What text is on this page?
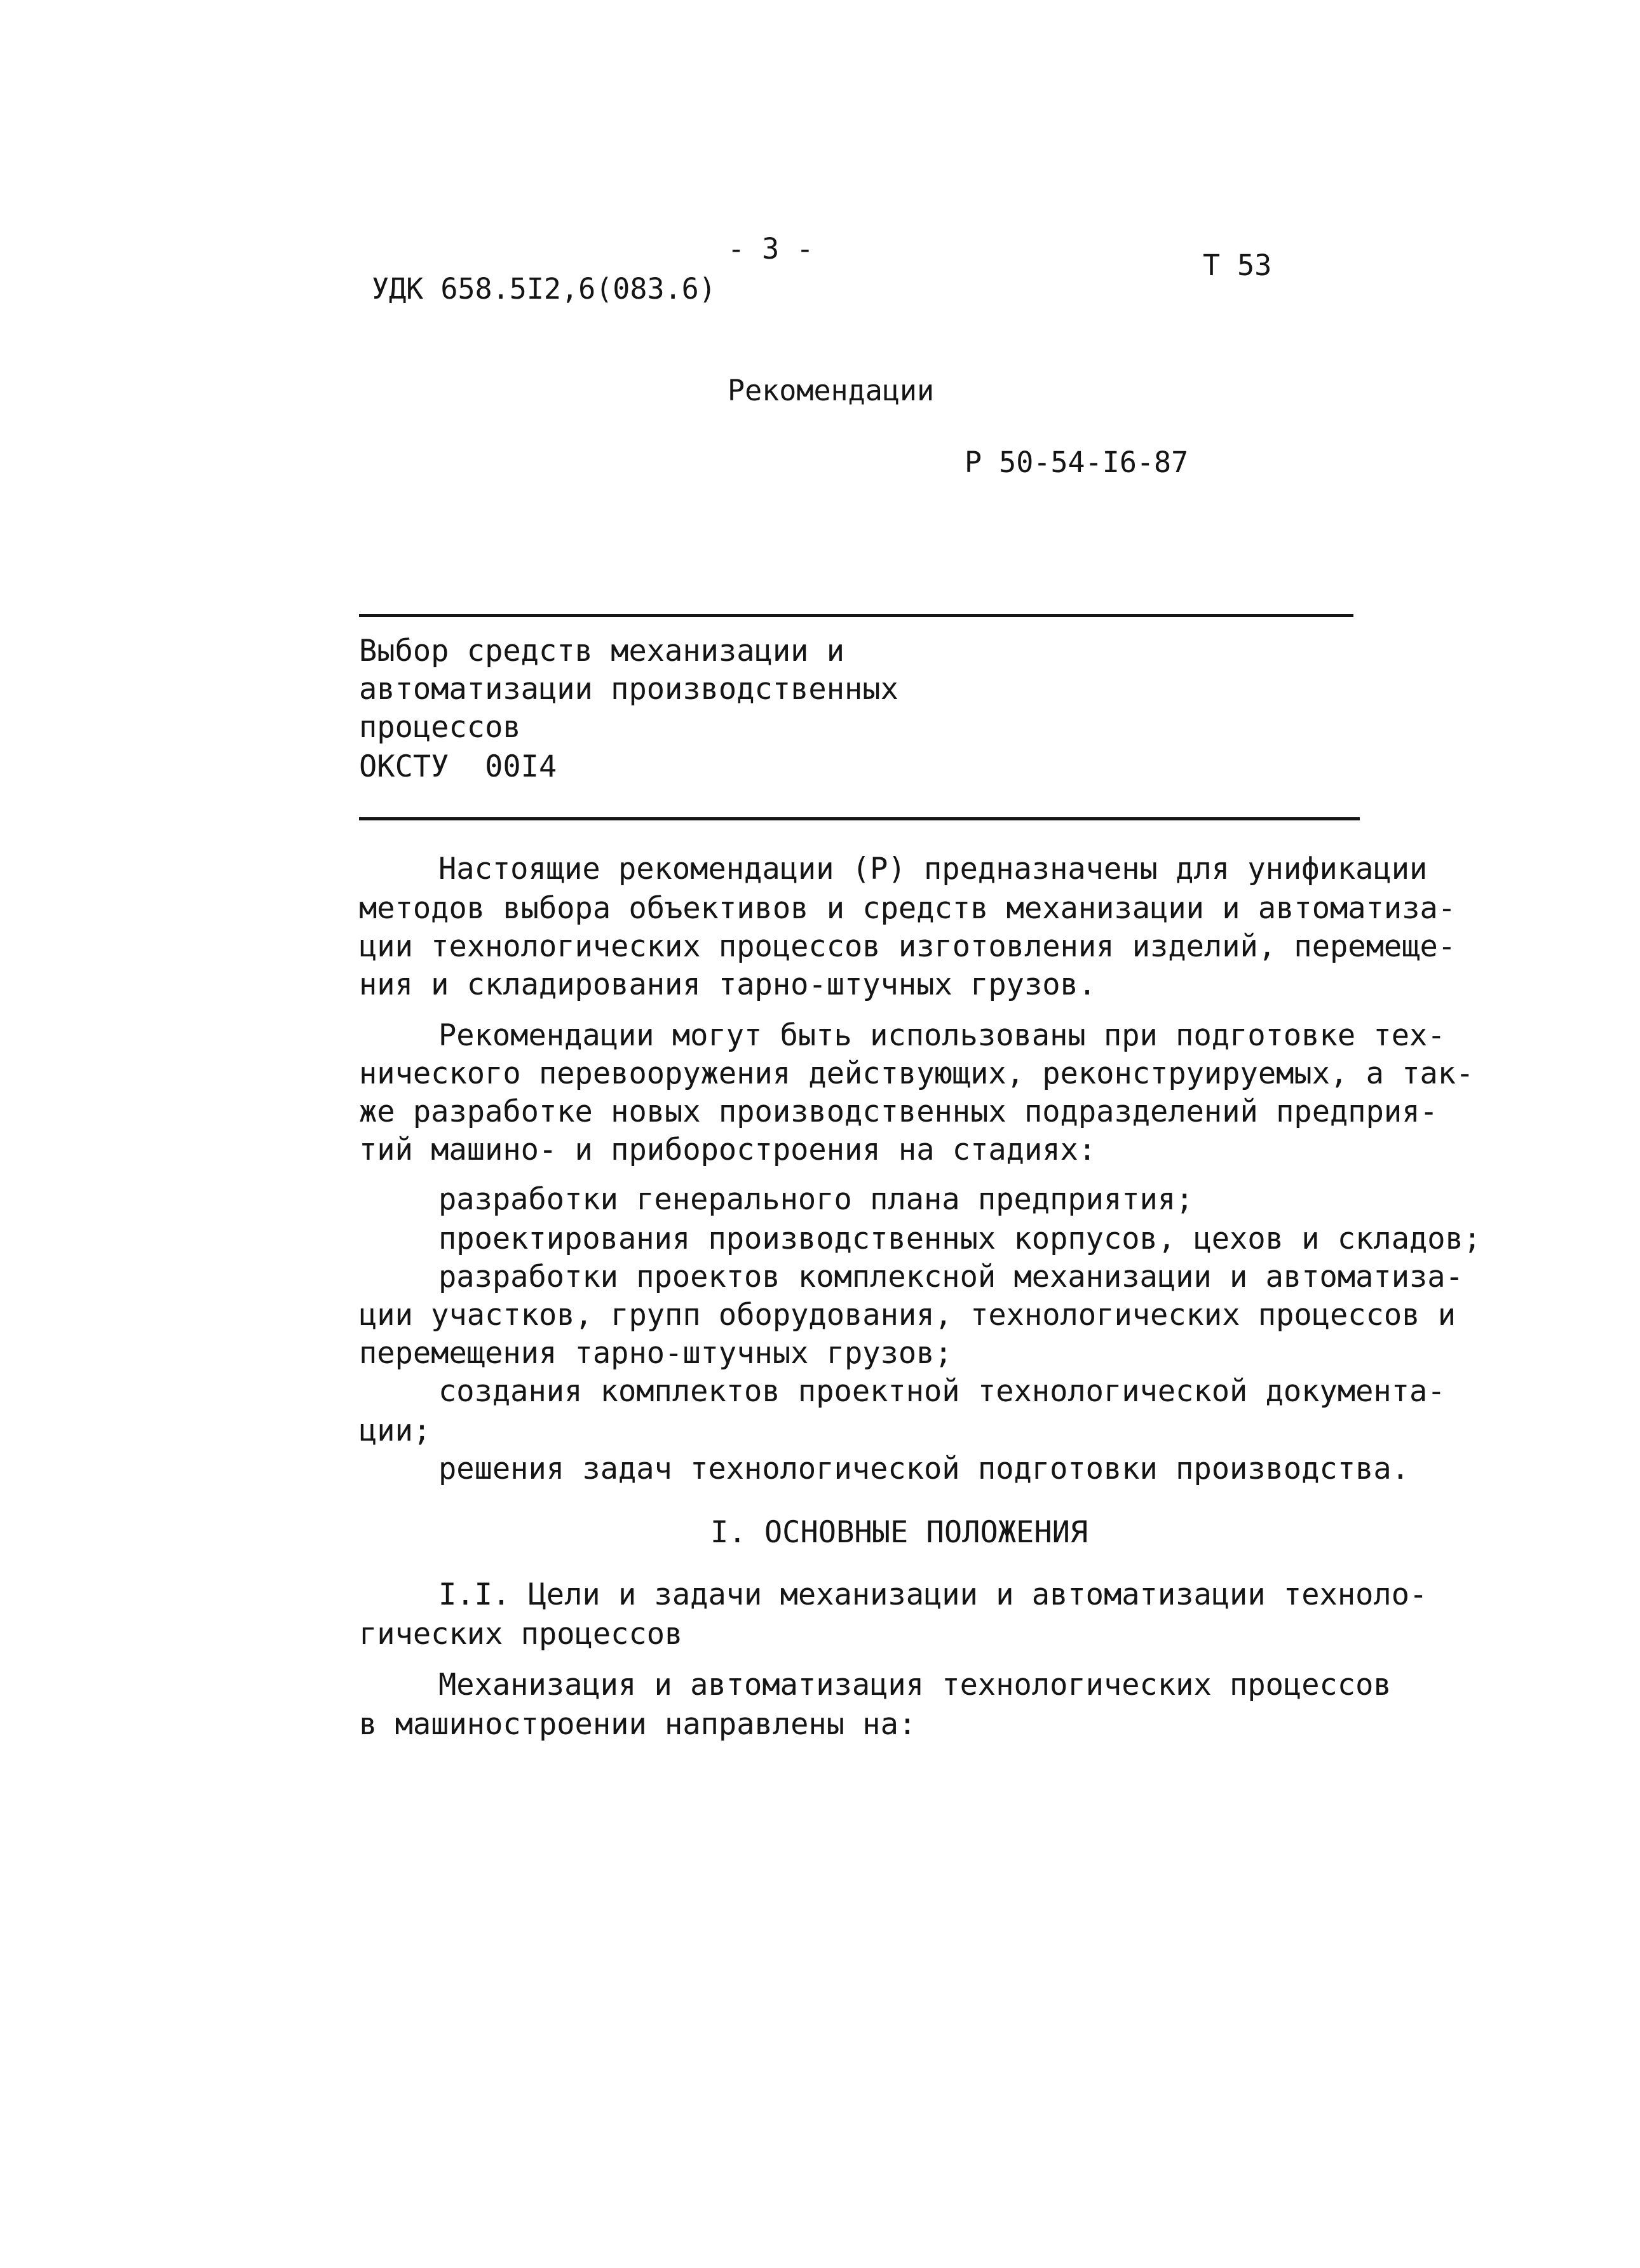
- 3 -
УДК 658.5I2,6(083.6)
Т 53
Рекомендации
Р 50-54-I6-87
Выбор средств механизации и
автоматизации производственных
процессов
ОКСТУ  00I4
Настоящие рекомендации (Р) предназначены для унификации
методов выбора объективов и средств механизации и автоматиза-
ции технологических процессов изготовления изделий, перемеще-
ния и складирования тарно-штучных грузов.
Рекомендации могут быть использованы при подготовке тех-
нического перевооружения действующих, реконструируемых, а так-
же разработке новых производственных подразделений предприя-
тий машино- и приборостроения на стадиях:
разработки генерального плана предприятия;
проектирования производственных корпусов, цехов и складов;
разработки проектов комплексной механизации и автоматиза-
ции участков, групп оборудования, технологических процессов и
перемещения тарно-штучных грузов;
создания комплектов проектной технологической документа-
ции;
решения задач технологической подготовки производства.
I. ОСНОВНЫЕ ПОЛОЖЕНИЯ
I.I. Цели и задачи механизации и автоматизации техноло-
гических процессов
Механизация и автоматизация технологических процессов
в машиностроении направлены на:
